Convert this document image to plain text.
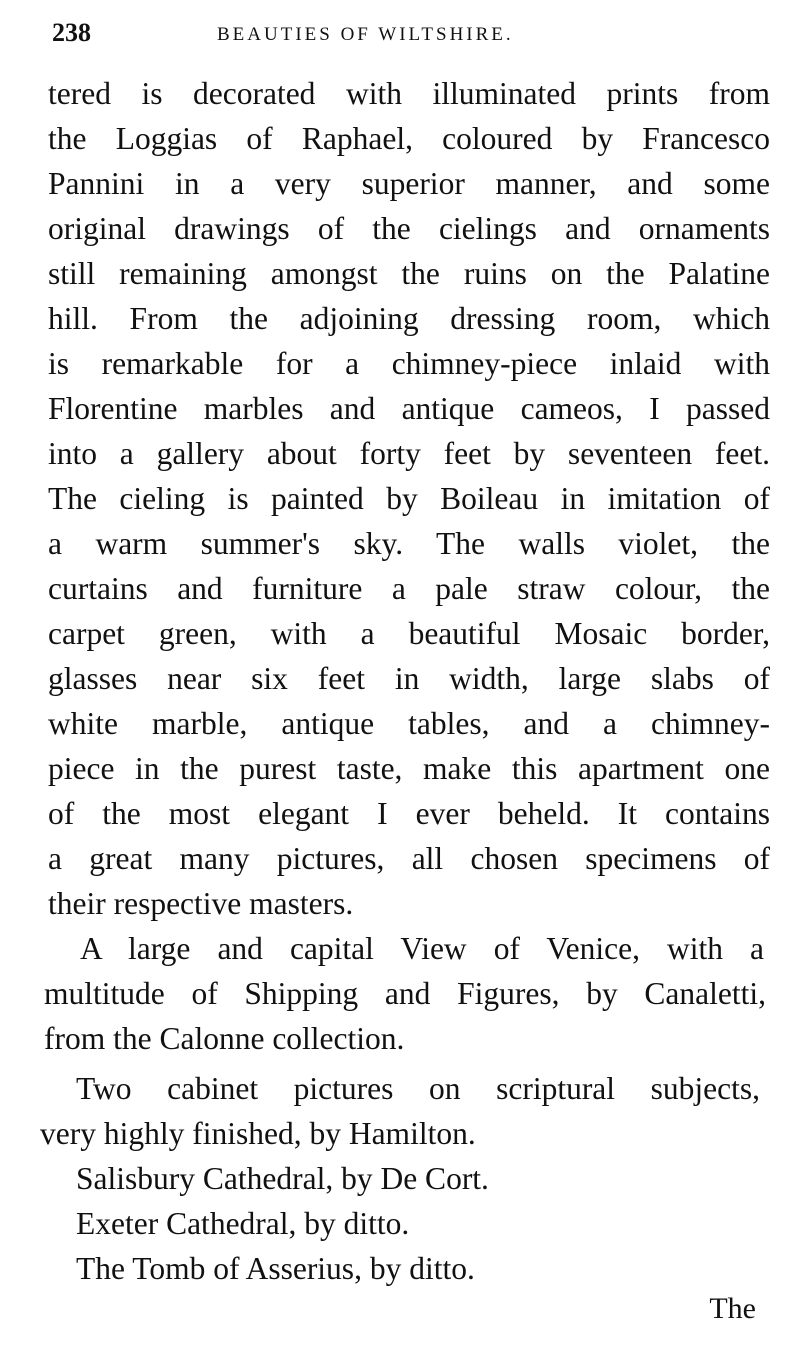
238	BEAUTIES OF WILTSHIRE.
tered is decorated with illuminated prints from
the Loggias of Raphael, coloured by Francesco
Pannini in a very superior manner, and some
original drawings of the cielings and ornaments
still remaining amongst the ruins on the Palatine
hill. From the adjoining dressing room, which
is remarkable for a chimney-piece inlaid with
Florentine marbles and antique cameos, I passed
into a gallery about forty feet by seventeen feet.
The cieling is painted by Boileau in imitation of
a warm summer's sky. The walls violet, the
curtains and furniture a pale straw colour, the
carpet green, with a beautiful Mosaic border,
glasses near six feet in width, large slabs of
white marble, antique tables, and a chimney-
piece in the purest taste, make this apartment one
of the most elegant I ever beheld. It contains
a great many pictures, all chosen specimens of
their respective masters.
A large and capital View of Venice, with a
multitude of Shipping and Figures, by Canaletti,
from the Calonne collection.
Two cabinet pictures on scriptural subjects,
very highly finished, by Hamilton.
Salisbury Cathedral, by De Cort.
Exeter Cathedral, by ditto.
The Tomb of Asserius, by ditto.
The
